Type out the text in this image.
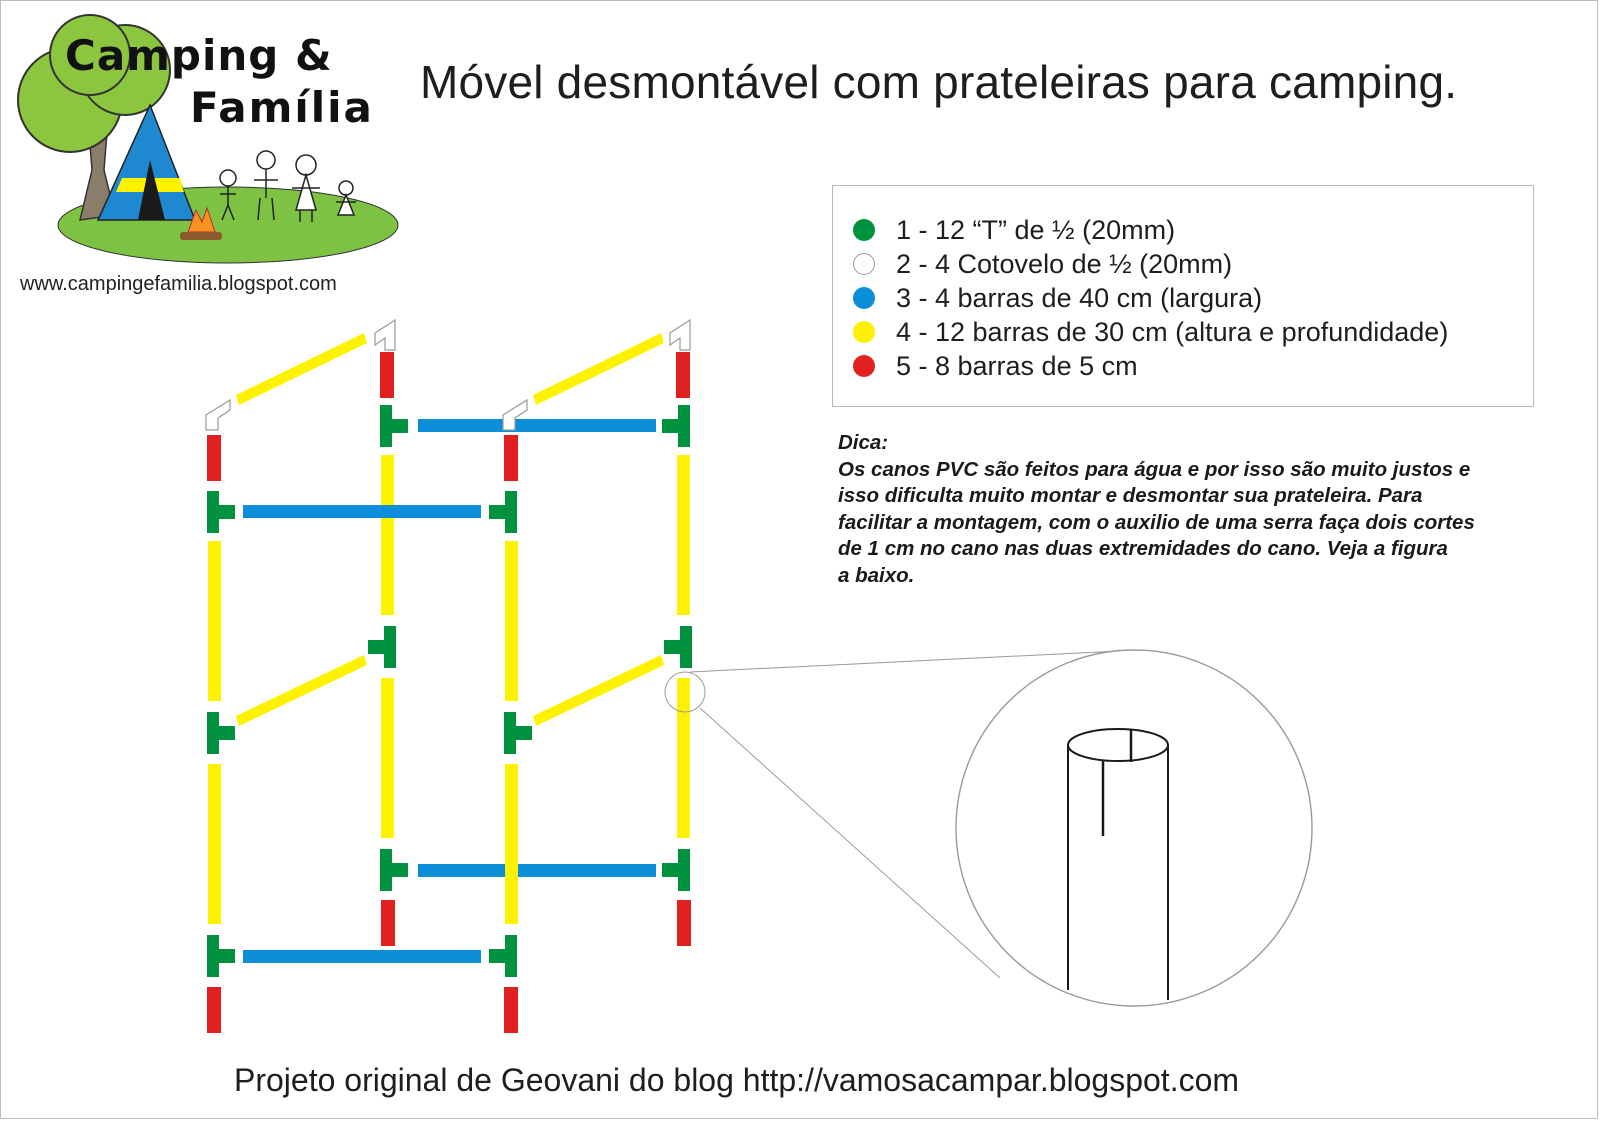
Camping &
Família
www.campingefamilia.blogspot.com
Móvel desmontável com prateleiras para camping.
1 - 12 “T” de ½ (20mm)
2 - 4 Cotovelo de ½ (20mm)
3 - 4 barras de 40 cm (largura)
4 - 12 barras de 30 cm (altura e profundidade)
5 - 8 barras de 5 cm
Dica:
Os canos PVC são feitos para água e por isso são muito justos e
isso dificulta muito montar e desmontar sua prateleira. Para
facilitar a montagem, com o auxilio de uma serra faça dois cortes
de 1 cm no cano nas duas extremidades do cano. Veja a figura
a baixo.
Projeto original de Geovani do blog http://vamosacampar.blogspot.com
